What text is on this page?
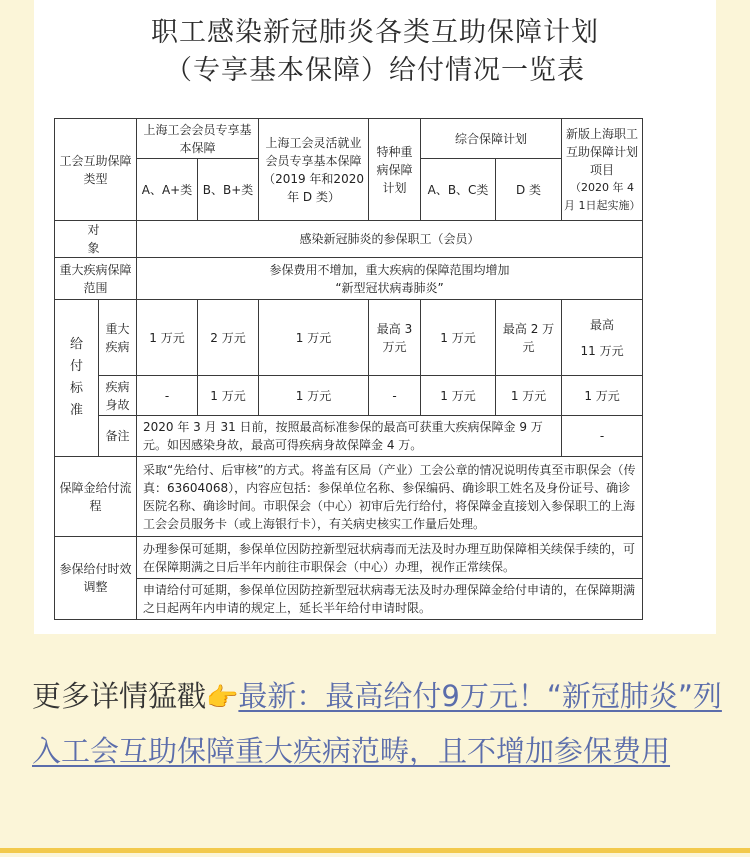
职工感染新冠肺炎各类互助保障计划
（专享基本保障）给付情况一览表
工会互助保障类型		上海工会会员专享基本保障		上海工会灵活就业会员专享基本保障（2019 年和2020 年 D 类）	特种重病保障计划	综合保障计划		新版上海职工互助保障计划项目
（2020 年 4 月 1日起实施）

		A、A+类	B、B+类			A、B、C类	D 类	
对　　象		感染新冠肺炎的参保职工（会员）						
重大疾病保障范围		参保费用不增加，重大疾病的保障范围均增加
“新型冠状病毒肺炎”						

给付标准	重大疾病	1 万元	2 万元	1 万元	最高 3 万元	1 万元	最高 2 万元	最高
11 万元

	疾病身故	-	1 万元	1 万元	-	1 万元	1 万元	1 万元
	备注	2020 年 3 月 31 日前，按照最高标准参保的最高可获重大疾病保障金 9 万元。如因感染身故，最高可得疾病身故保障金 4 万。						-
保障金给付流程		采取“先给付、后审核”的方式。将盖有区局（产业）工会公章的情况说明传真至市职保会（传真：63604068），内容应包括：参保单位名称、参保编码、确诊职工姓名及身份证号、确诊医院名称、确诊时间。市职保会（中心）初审后先行给付，将保障金直接划入参保职工的上海工会会员服务卡（或上海银行卡），有关病史核实工作量后处理。						
参保给付时效调整		办理参保可延期，参保单位因防控新型冠状病毒而无法及时办理互助保障相关续保手续的，可在保障期满之日后半年内前往市职保会（中心）办理，视作正常续保。						
		申请给付可延期，参保单位因防控新型冠状病毒无法及时办理保障金给付申请的，在保障期满之日起两年内申请的规定上，延长半年给付申请时限。						
更多详情猛戳👉最新：最高给付9万元！“新冠肺炎”列入工会互助保障重大疾病范畴，且不增加参保费用
